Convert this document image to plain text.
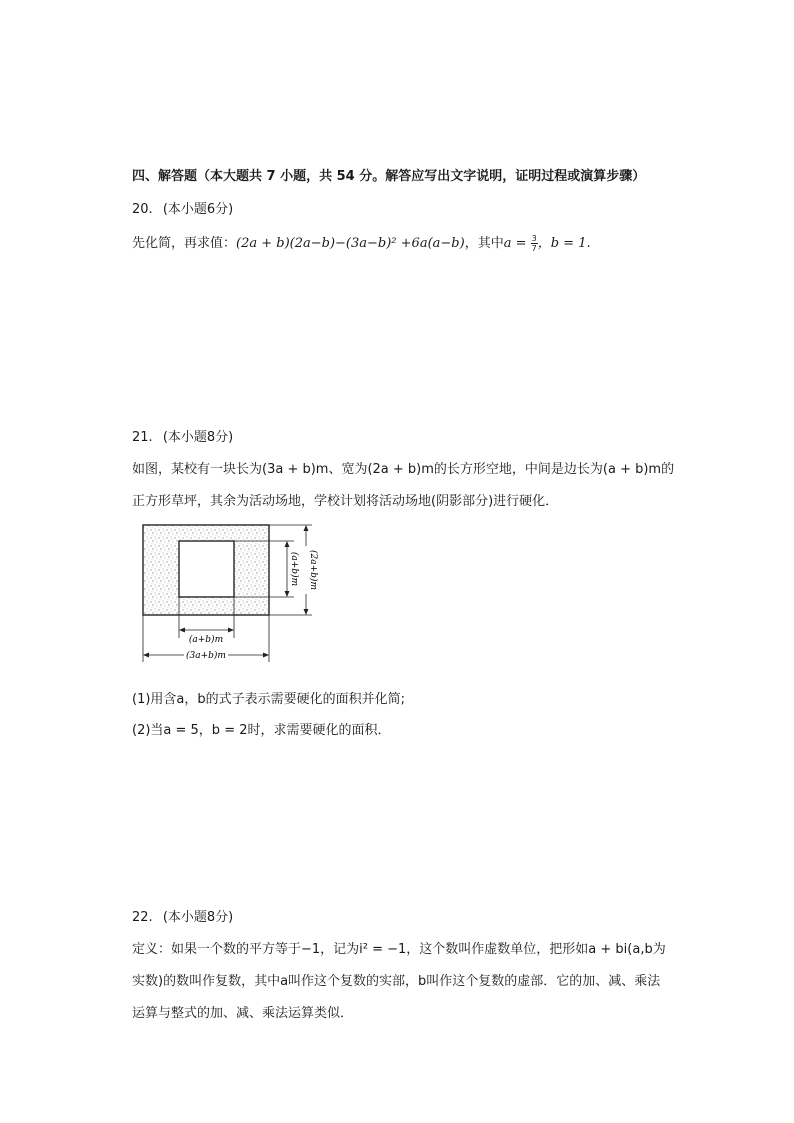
四、解答题（本大题共 7 小题，共 54 分。解答应写出文字说明，证明过程或演算步骤）
20. (本小题6分)
先化简，再求值：(2a + b)(2a−b)−(3a−b)² +6a(a−b)，其中$a = \frac{3}{7}$ ，b = 1.
21. (本小题8分)
如图，某校有一块长为(3a + b)m、宽为(2a + b)m的长方形空地，中间是边长为(a + b)m的
正方形草坪，其余为活动场地，学校计划将活动场地(阴影部分)进行硬化．
(a+b)m (2a+b)m
(a+b)m
(3a+b)m
(1)用含a，b的式子表示需要硬化的面积并化简;
(2)当a = 5，b = 2时，求需要硬化的面积．
22. (本小题8分)
定义：如果一个数的平方等于−1，记为i² = −1，这个数叫作虚数单位，把形如a + bi(a,b为
实数)的数叫作复数，其中a叫作这个复数的实部，b叫作这个复数的虚部．它的加、减、乘法
运算与整式的加、减、乘法运算类似．
